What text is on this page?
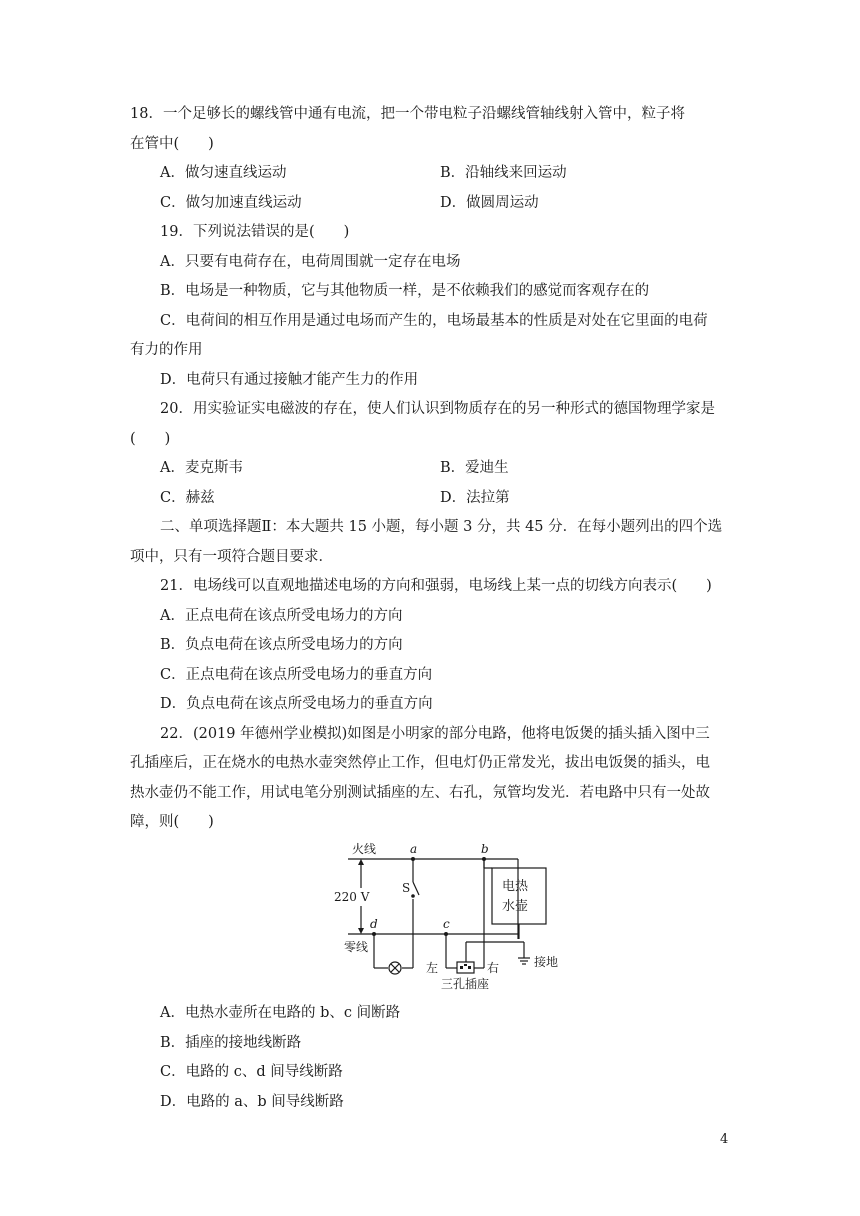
18．一个足够长的螺线管中通有电流，把一个带电粒子沿螺线管轴线射入管中，粒子将
在管中(　　)
A．做匀速直线运动	B．沿轴线来回运动
C．做匀加速直线运动	D．做圆周运动
19．下列说法错误的是(　　)
A．只要有电荷存在，电荷周围就一定存在电场
B．电场是一种物质，它与其他物质一样，是不依赖我们的感觉而客观存在的
C．电荷间的相互作用是通过电场而产生的，电场最基本的性质是对处在它里面的电荷
有力的作用
D．电荷只有通过接触才能产生力的作用
20．用实验证实电磁波的存在，使人们认识到物质存在的另一种形式的德国物理学家是
(　　)
A．麦克斯韦	B．爱迪生
C．赫兹	D．法拉第
二、单项选择题Ⅱ：本大题共 15 小题，每小题 3 分，共 45 分．在每小题列出的四个选
项中，只有一项符合题目要求．
21．电场线可以直观地描述电场的方向和强弱，电场线上某一点的切线方向表示(　　)
A．正点电荷在该点所受电场力的方向
B．负点电荷在该点所受电场力的方向
C．正点电荷在该点所受电场力的垂直方向
D．负点电荷在该点所受电场力的垂直方向
22．(2019 年德州学业模拟)如图是小明家的部分电路，他将电饭煲的插头插入图中三
孔插座后，正在烧水的电热水壶突然停止工作，但电灯仍正常发光，拔出电饭煲的插头，电
热水壶仍不能工作，用试电笔分别测试插座的左、右孔，氖管均发光．若电路中只有一处故
障，则(　　)
火线
零线
220 V
a	b
c
d
S	电热
水壶
左	右
三孔插座
接地
A．电热水壶所在电路的 b、c 间断路
B．插座的接地线断路
C．电路的 c、d 间导线断路
D．电路的 a、b 间导线断路
4
